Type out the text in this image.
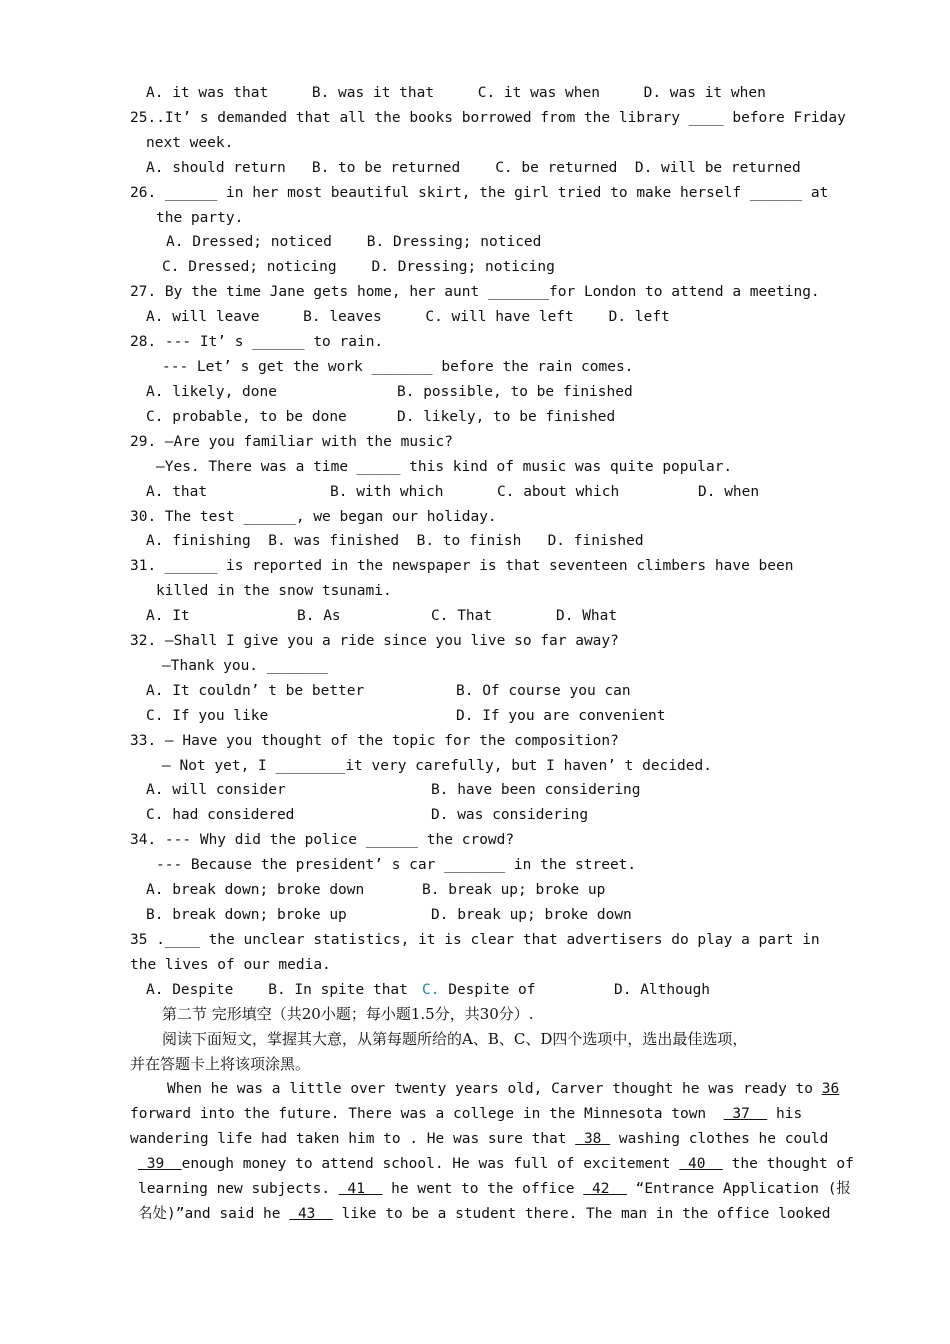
A. it was that     B. was it that     C. it was when     D. was it when
25..It’ s demanded that all the books borrowed from the library ____ before Friday
next week.
A. should return   B. to be returned    C. be returned  D. will be returned
26. ______ in her most beautiful skirt, the girl tried to make herself ______ at
the party.
A. Dressed; noticed    B. Dressing; noticed
C. Dressed; noticing    D. Dressing; noticing
27. By the time Jane gets home, her aunt _______for London to attend a meeting.
A. will leave     B. leaves     C. will have left    D. left
28. --- It’ s ______ to rain.
--- Let’ s get the work _______ before the rain comes.
A. likely, done	B. possible, to be finished
C. probable, to be done	D. likely, to be finished
29. —Are you familiar with the music?
—Yes. There was a time _____ this kind of music was quite popular.
A. that	B. with which	C. about which	D. when
30. The test ______, we began our holiday.
A. finishing  B. was finished  B. to finish   D. finished
31. ______ is reported in the newspaper is that seventeen climbers have been
killed in the snow tsunami.
A. It	B. As	C. That	D. What
32. —Shall I give you a ride since you live so far away?
—Thank you. _______
A. It couldn’ t be better	B. Of course you can
C. If you like	D. If you are convenient
33. — Have you thought of the topic for the composition?
— Not yet, I ________it very carefully, but I haven’ t decided.
A. will consider	B. have been considering
C. had considered	D. was considering
34. --- Why did the police ______ the crowd?
--- Because the president’ s car _______ in the street.
A. break down; broke down	B. break up; broke up
B. break down; broke up	D. break up; broke down
35 .____ the unclear statistics, it is clear that advertisers do play a part in
the lives of our media.
A. Despite    B. In spite that C. Despite of	D. Although
第二节 完形填空（共20小题；每小题1.5分，共30分）.
阅读下面短文，掌握其大意，从第每题所给的A、B、C、D四个选项中，选出最佳选项，
并在答题卡上将该项涂黑。
When he was a little over twenty years old, Carver thought he was ready to 36
forward into the future. There was a college in the Minnesota town   37   his
wandering life had taken him to . He was sure that  38  washing clothes he could
39  enough money to attend school. He was full of excitement  40   the thought of
learning new subjects.  41   he went to the office  42   “Entrance Application (报
名处)”and said he  43   like to be a student there. The man in the office looked
